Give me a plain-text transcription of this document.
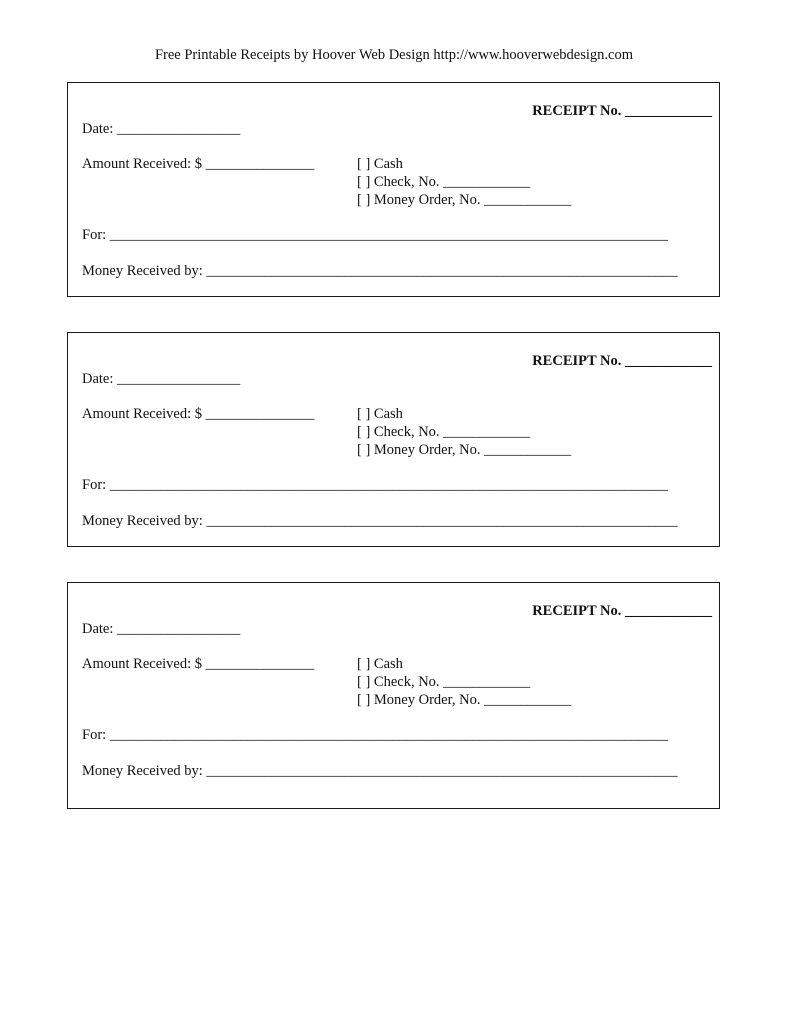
Free Printable Receipts by Hoover Web Design http://www.hooverwebdesign.com
RECEIPT No. ____________
Date: _________________
Amount Received: $ _______________	[ ] Cash
[ ] Check, No. ____________
[ ] Money Order, No. ____________
For: _____________________________________________________________________________
Money Received by: _________________________________________________________________
RECEIPT No. ____________
Date: _________________
Amount Received: $ _______________	[ ] Cash
[ ] Check, No. ____________
[ ] Money Order, No. ____________
For: _____________________________________________________________________________
Money Received by: _________________________________________________________________
RECEIPT No. ____________
Date: _________________
Amount Received: $ _______________	[ ] Cash
[ ] Check, No. ____________
[ ] Money Order, No. ____________
For: _____________________________________________________________________________
Money Received by: _________________________________________________________________
